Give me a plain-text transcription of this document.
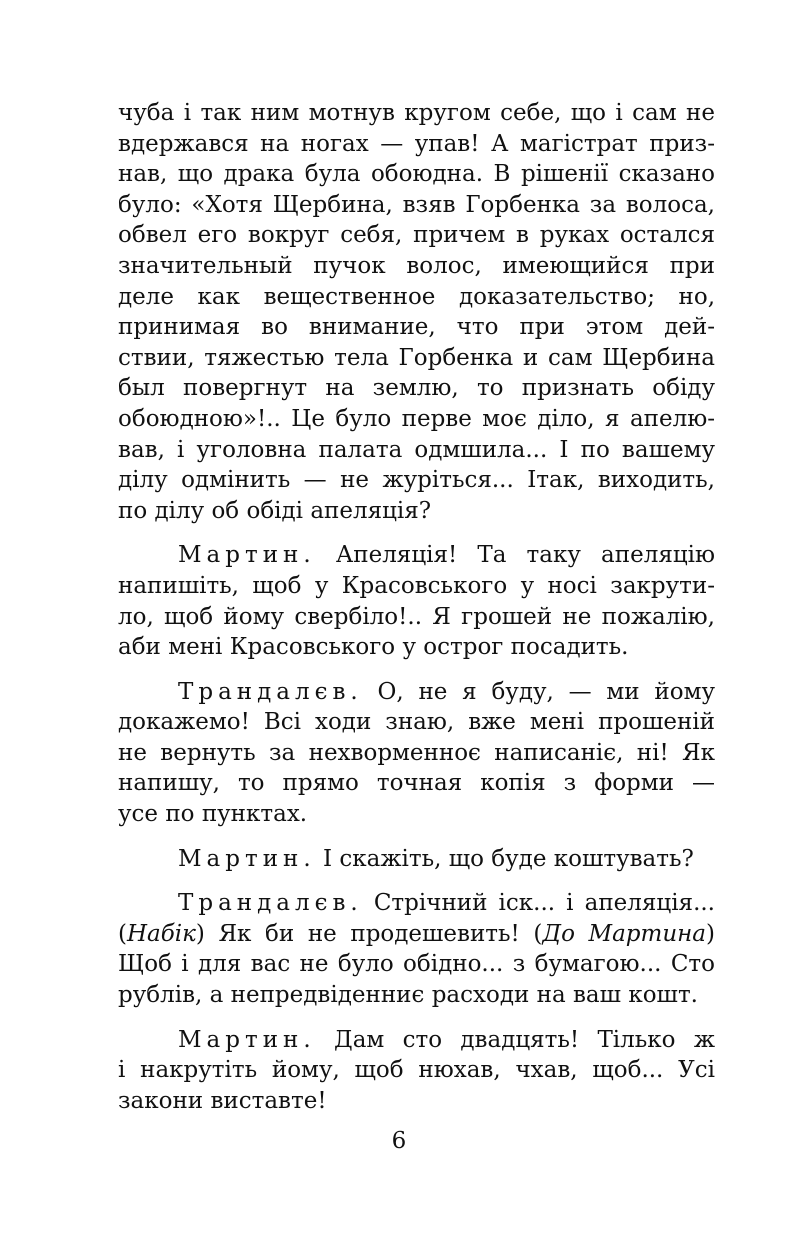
чуба і так ним мотнув кругом себе, що і сам не
вдержався на ногах — упав! А магістрат приз-
нав, що драка була обоюдна. В рішенії сказано
було: «Хотя Щербина, взяв Горбенка за волоса,
обвел его вокруг себя, причем в руках остался
значительный пучок волос, имеющийся при
деле как вещественное доказательство; но,
принимая во внимание, что при этом дей-
ствии, тяжестью тела Горбенка и сам Щербина
был повергнут на землю, то признать обіду
обоюдною»!.. Це було перве моє діло, я апелю-
вав, і уголовна палата одмшила... І по вашему
ділу одмінить — не журіться... Ітак, виходить,
по ділу об обіді апеляція?

Мартин. Апеляція! Та таку апеляцію
напишіть, щоб у Красовського у носі закрути-
ло, щоб йому свербіло!.. Я грошей не пожалію,
аби мені Красовського у острог посадить.

Трандалєв. О, не я буду, — ми йому
докажемо! Всі ходи знаю, вже мені прошеній
не вернуть за нехворменноє написаніє, ні! Як
напишу, то прямо точная копія з форми —
усе по пунктах.

Мартин. І скажіть, що буде коштувать?

Трандалєв. Стрічний іск... і апеляція...
(Набік) Як би не продешевить! (До Мартина)
Щоб і для вас не було обідно... з бумагою... Сто
рублів, а непредвіденниє расходи на ваш кошт.

Мартин. Дам сто двадцять! Тілько ж
і накрутіть йому, щоб нюхав, чхав, щоб... Усі
закони виставте!

6
